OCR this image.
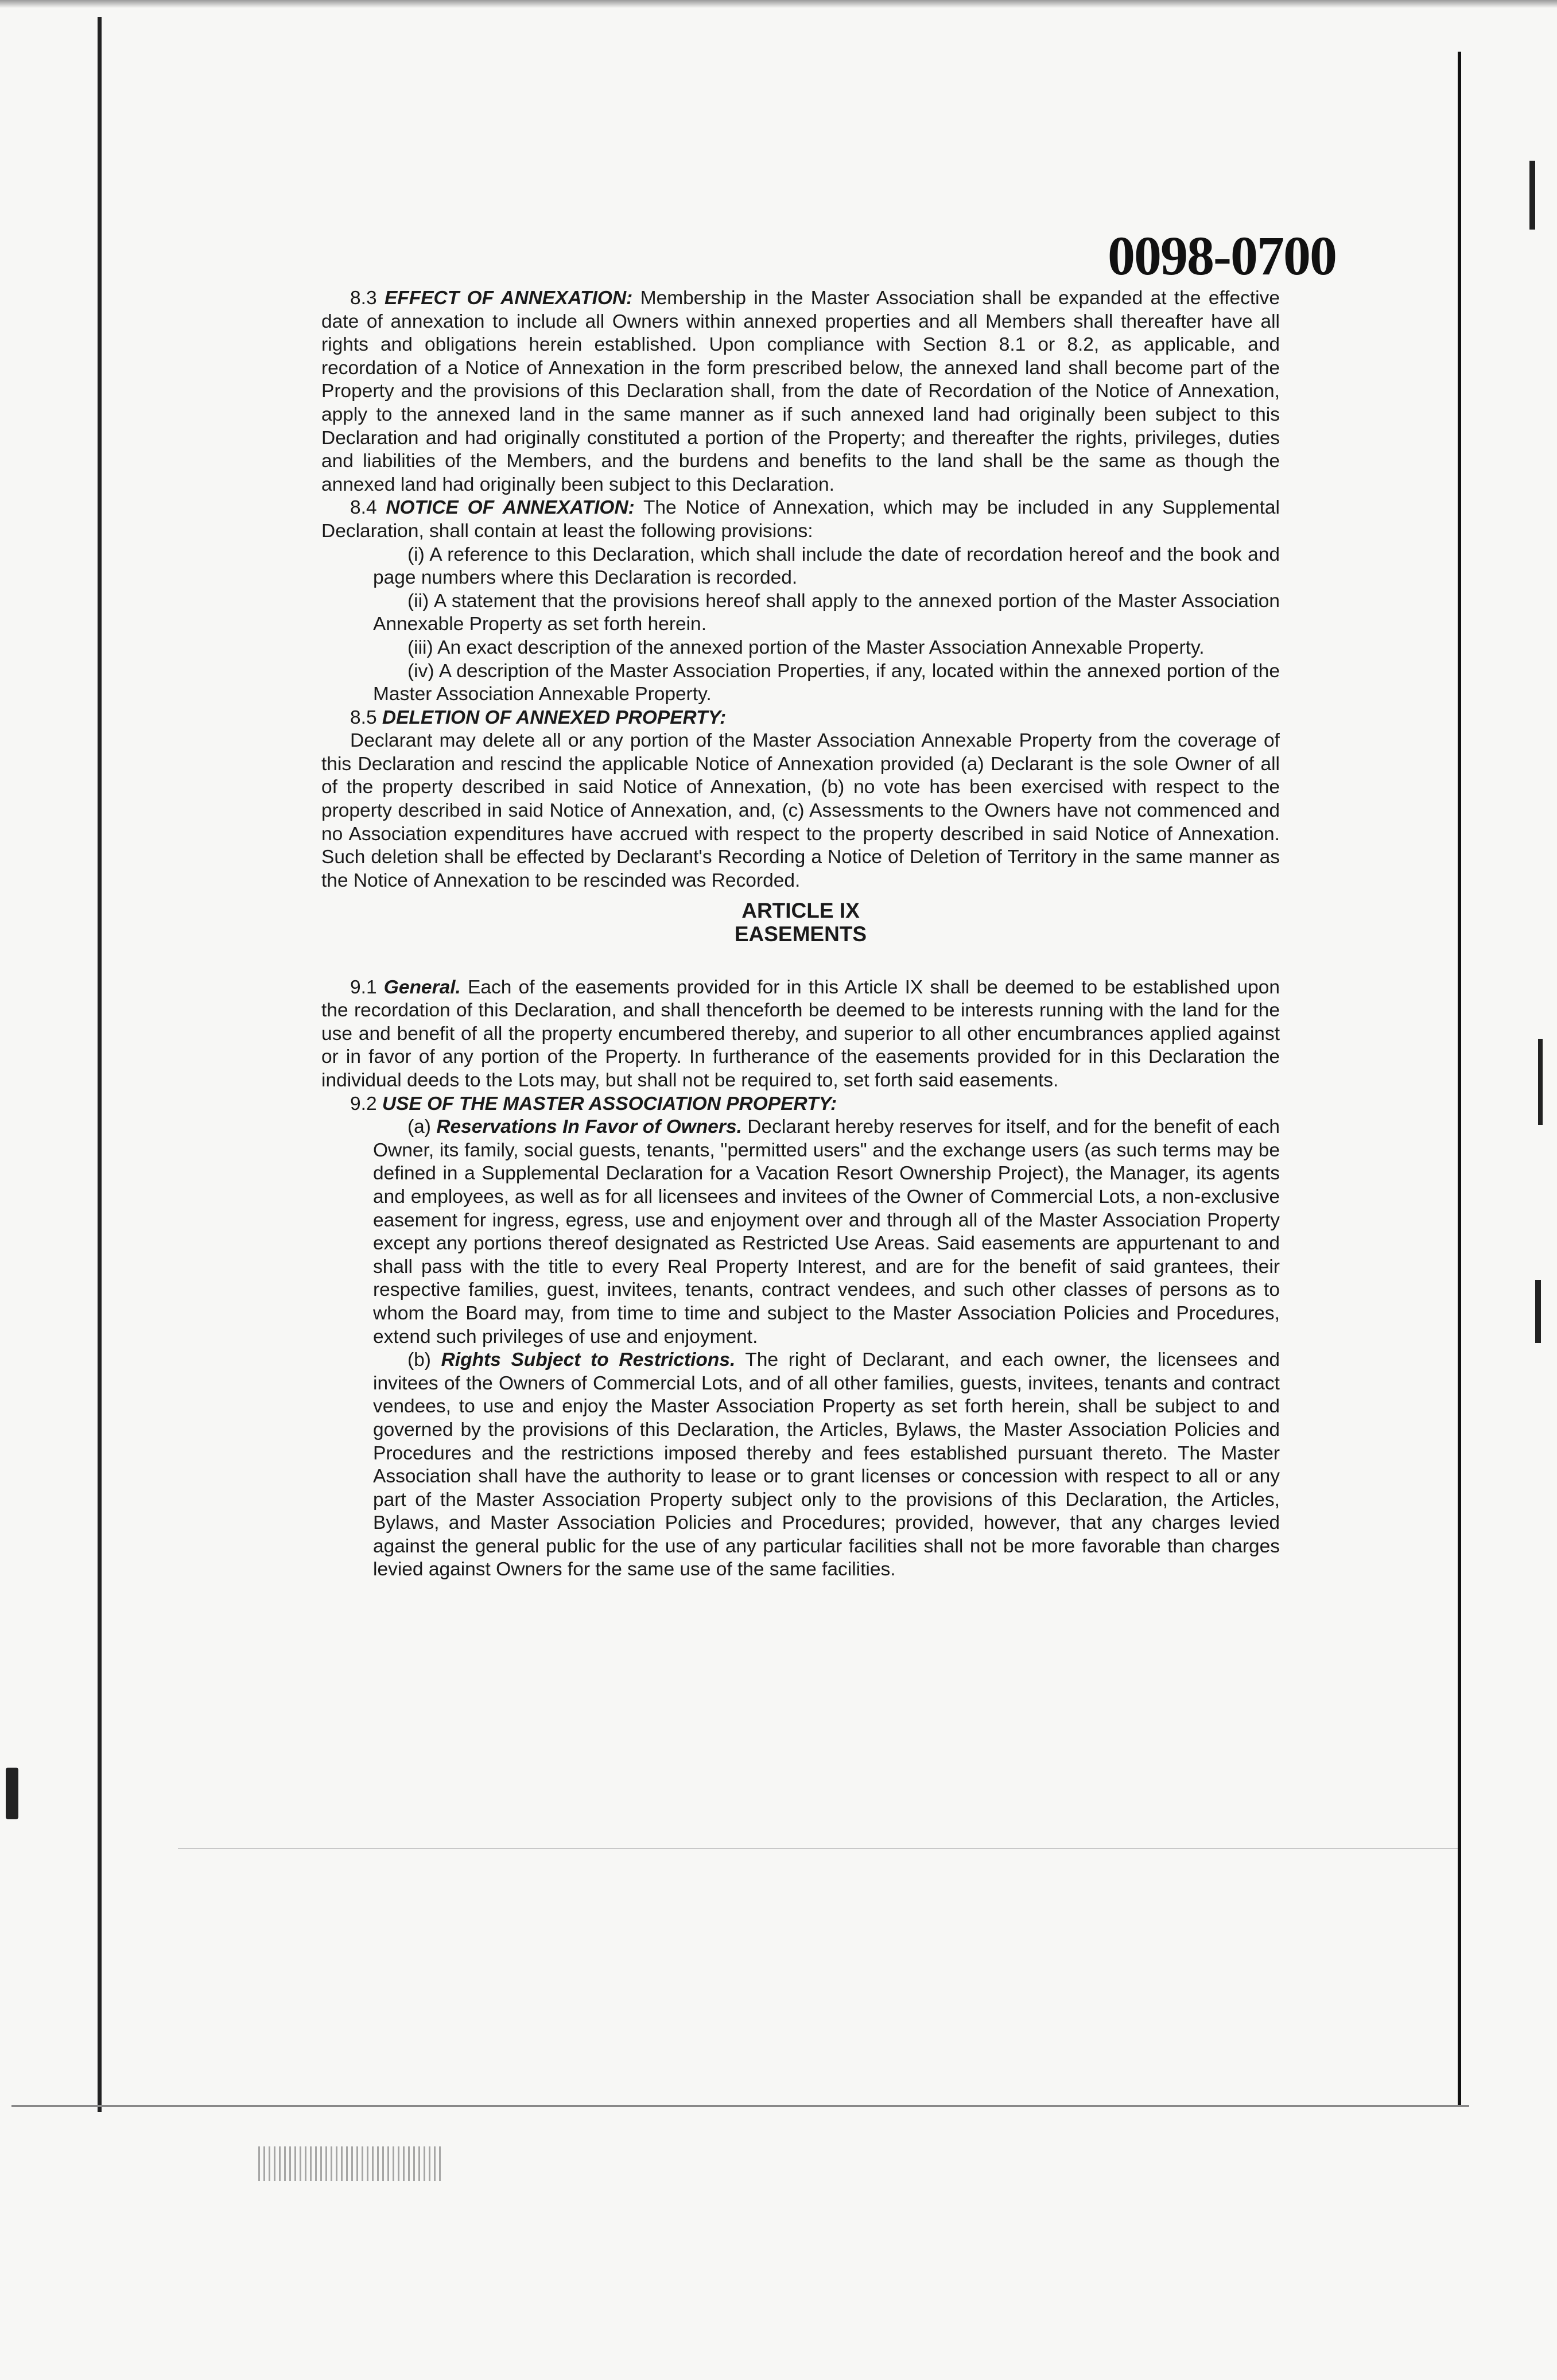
0098-0700

8.3 EFFECT OF ANNEXATION: Membership in the Master Association shall be expanded at the effective date of annexation to include all Owners within annexed properties and all Members shall thereafter have all rights and obligations herein established. Upon compliance with Section 8.1 or 8.2, as applicable, and recordation of a Notice of Annexation in the form prescribed below, the annexed land shall become part of the Property and the provisions of this Declaration shall, from the date of Recordation of the Notice of Annexation, apply to the annexed land in the same manner as if such annexed land had originally been subject to this Declaration and had originally constituted a portion of the Property; and thereafter the rights, privileges, duties and liabilities of the Members, and the burdens and benefits to the land shall be the same as though the annexed land had originally been subject to this Declaration.

8.4 NOTICE OF ANNEXATION: The Notice of Annexation, which may be included in any Supplemental Declaration, shall contain at least the following provisions:

(i) A reference to this Declaration, which shall include the date of recordation hereof and the book and page numbers where this Declaration is recorded.

(ii) A statement that the provisions hereof shall apply to the annexed portion of the Master Association Annexable Property as set forth herein.

(iii) An exact description of the annexed portion of the Master Association Annexable Property.

(iv) A description of the Master Association Properties, if any, located within the annexed portion of the Master Association Annexable Property.

8.5 DELETION OF ANNEXED PROPERTY:

Declarant may delete all or any portion of the Master Association Annexable Property from the coverage of this Declaration and rescind the applicable Notice of Annexation provided (a) Declarant is the sole Owner of all of the property described in said Notice of Annexation, (b) no vote has been exercised with respect to the property described in said Notice of Annexation, and, (c) Assessments to the Owners have not commenced and no Association expenditures have accrued with respect to the property described in said Notice of Annexation. Such deletion shall be effected by Declarant's Recording a Notice of Deletion of Territory in the same manner as the Notice of Annexation to be rescinded was Recorded.

ARTICLE IX

EASEMENTS

9.1 General. Each of the easements provided for in this Article IX shall be deemed to be established upon the recordation of this Declaration, and shall thenceforth be deemed to be interests running with the land for the use and benefit of all the property encumbered thereby, and superior to all other encumbrances applied against or in favor of any portion of the Property. In furtherance of the easements provided for in this Declaration the individual deeds to the Lots may, but shall not be required to, set forth said easements.

9.2 USE OF THE MASTER ASSOCIATION PROPERTY:

(a) Reservations In Favor of Owners. Declarant hereby reserves for itself, and for the benefit of each Owner, its family, social guests, tenants, "permitted users" and the exchange users (as such terms may be defined in a Supplemental Declaration for a Vacation Resort Ownership Project), the Manager, its agents and employees, as well as for all licensees and invitees of the Owner of Commercial Lots, a non-exclusive easement for ingress, egress, use and enjoyment over and through all of the Master Association Property except any portions thereof designated as Restricted Use Areas. Said easements are appurtenant to and shall pass with the title to every Real Property Interest, and are for the benefit of said grantees, their respective families, guest, invitees, tenants, contract vendees, and such other classes of persons as to whom the Board may, from time to time and subject to the Master Association Policies and Procedures, extend such privileges of use and enjoyment.

(b) Rights Subject to Restrictions. The right of Declarant, and each owner, the licensees and invitees of the Owners of Commercial Lots, and of all other families, guests, invitees, tenants and contract vendees, to use and enjoy the Master Association Property as set forth herein, shall be subject to and governed by the provisions of this Declaration, the Articles, Bylaws, the Master Association Policies and Procedures and the restrictions imposed thereby and fees established pursuant thereto. The Master Association shall have the authority to lease or to grant licenses or concession with respect to all or any part of the Master Association Property subject only to the provisions of this Declaration, the Articles, Bylaws, and Master Association Policies and Procedures; provided, however, that any charges levied against the general public for the use of any particular facilities shall not be more favorable than charges levied against Owners for the same use of the same facilities.
